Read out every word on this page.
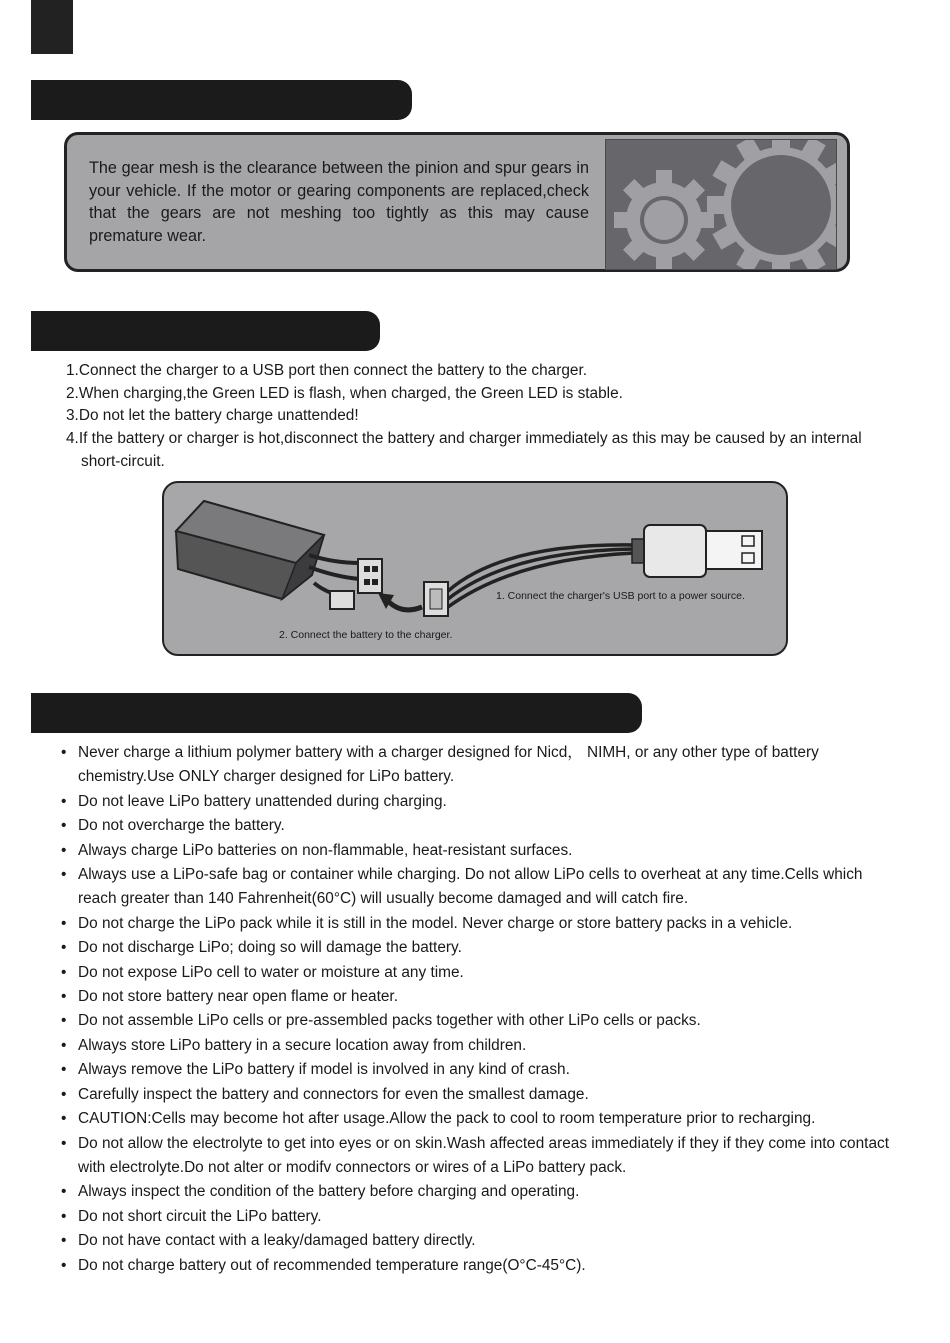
The gear mesh is the clearance between the pinion and spur gears in your vehicle. If the motor or gearing components are replaced,check that the gears are not meshing too tightly as this may cause premature wear.
1.Connect the charger to a USB port then connect the battery to the charger.
2.When charging,the Green LED is flash, when charged, the Green LED is stable.
3.Do not let the battery charge unattended!
4.If the battery or charger is hot,disconnect the battery and charger immediately as this may be caused by an internal short-circuit.
1. Connect the charger's USB port to a power source.
2. Connect the battery to the charger.
• Never charge a lithium polymer battery with a charger designed for Nicd， NIMH, or any other type of battery chemistry.Use ONLY charger designed for LiPo battery.
• Do not leave LiPo battery unattended during charging.
• Do not overcharge the battery.
• Always charge LiPo batteries on non-flammable, heat-resistant surfaces.
• Always use a LiPo-safe bag or container while charging. Do not allow LiPo cells to overheat at any time.Cells which reach greater than 140 Fahrenheit(60°C) will usually become damaged and will catch fire.
• Do not charge the LiPo pack while it is still in the model. Never charge or store battery packs in a vehicle.
• Do not discharge LiPo; doing so will damage the battery.
• Do not expose LiPo cell to water or moisture at any time.
• Do not store battery near open flame or heater.
• Do not assemble LiPo cells or pre-assembled packs together with other LiPo cells or packs.
• Always store LiPo battery in a secure location away from children.
• Always remove the LiPo battery if model is involved in any kind of crash.
• Carefully inspect the battery and connectors for even the smallest damage.
• CAUTION:Cells may become hot after usage.Allow the pack to cool to room temperature prior to recharging.
• Do not allow the electrolyte to get into eyes or on skin.Wash affected areas immediately if they if they come into contact with electrolyte.Do not alter or modifv connectors or wires of a LiPo battery pack.
• Always inspect the condition of the battery before charging and operating.
• Do not short circuit the LiPo battery.
• Do not have contact with a leaky/damaged battery directly.
• Do not charge battery out of recommended temperature range(O°C-45°C).
